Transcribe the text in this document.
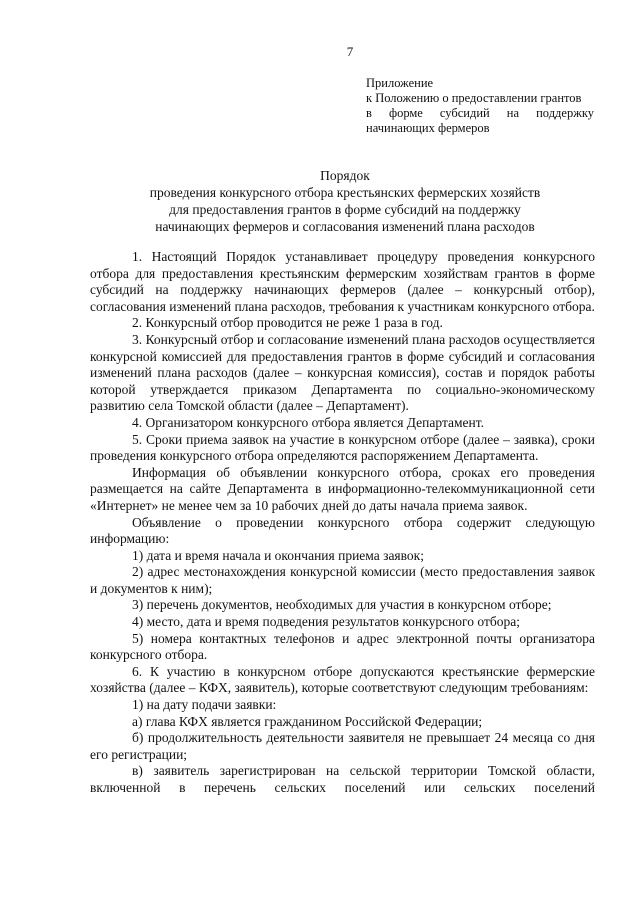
7
Приложение
к Положению о предоставлении грантов
в форме субсидий на поддержку
начинающих фермеров
Порядок
проведения конкурсного отбора крестьянских фермерских хозяйств
для предоставления грантов в форме субсидий на поддержку
начинающих фермеров и согласования изменений плана расходов

1. Настоящий Порядок устанавливает процедуру проведения конкурсного отбора для предоставления крестьянским фермерским хозяйствам грантов в форме субсидий на поддержку начинающих фермеров (далее – конкурсный отбор), согласования изменений плана расходов, требования к участникам конкурсного отбора.

2. Конкурсный отбор проводится не реже 1 раза в год.

3. Конкурсный отбор и согласование изменений плана расходов осуществляется конкурсной комиссией для предоставления грантов в форме субсидий и согласования изменений плана расходов (далее – конкурсная комиссия), состав и порядок работы которой утверждается приказом Департамента по социально-экономическому развитию села Томской области (далее – Департамент).

4. Организатором конкурсного отбора является Департамент.

5. Сроки приема заявок на участие в конкурсном отборе (далее – заявка), сроки проведения конкурсного отбора определяются распоряжением Департамента.

Информация об объявлении конкурсного отбора, сроках его проведения размещается на сайте Департамента в информационно-телекоммуникационной сети «Интернет» не менее чем за 10 рабочих дней до даты начала приема заявок.

Объявление о проведении конкурсного отбора содержит следующую информацию:

1) дата и время начала и окончания приема заявок;

2) адрес местонахождения конкурсной комиссии (место предоставления заявок и документов к ним);

3) перечень документов, необходимых для участия в конкурсном отборе;

4) место, дата и время подведения результатов конкурсного отбора;

5) номера контактных телефонов и адрес электронной почты организатора конкурсного отбора.

6. К участию в конкурсном отборе допускаются крестьянские фермерские хозяйства (далее – КФХ, заявитель), которые соответствуют следующим требованиям:

1) на дату подачи заявки:

а) глава КФХ является гражданином Российской Федерации;

б) продолжительность деятельности заявителя не превышает 24 месяца со дня его регистрации;

в) заявитель зарегистрирован на сельской территории Томской области, включенной в перечень сельских поселений или сельских поселений
